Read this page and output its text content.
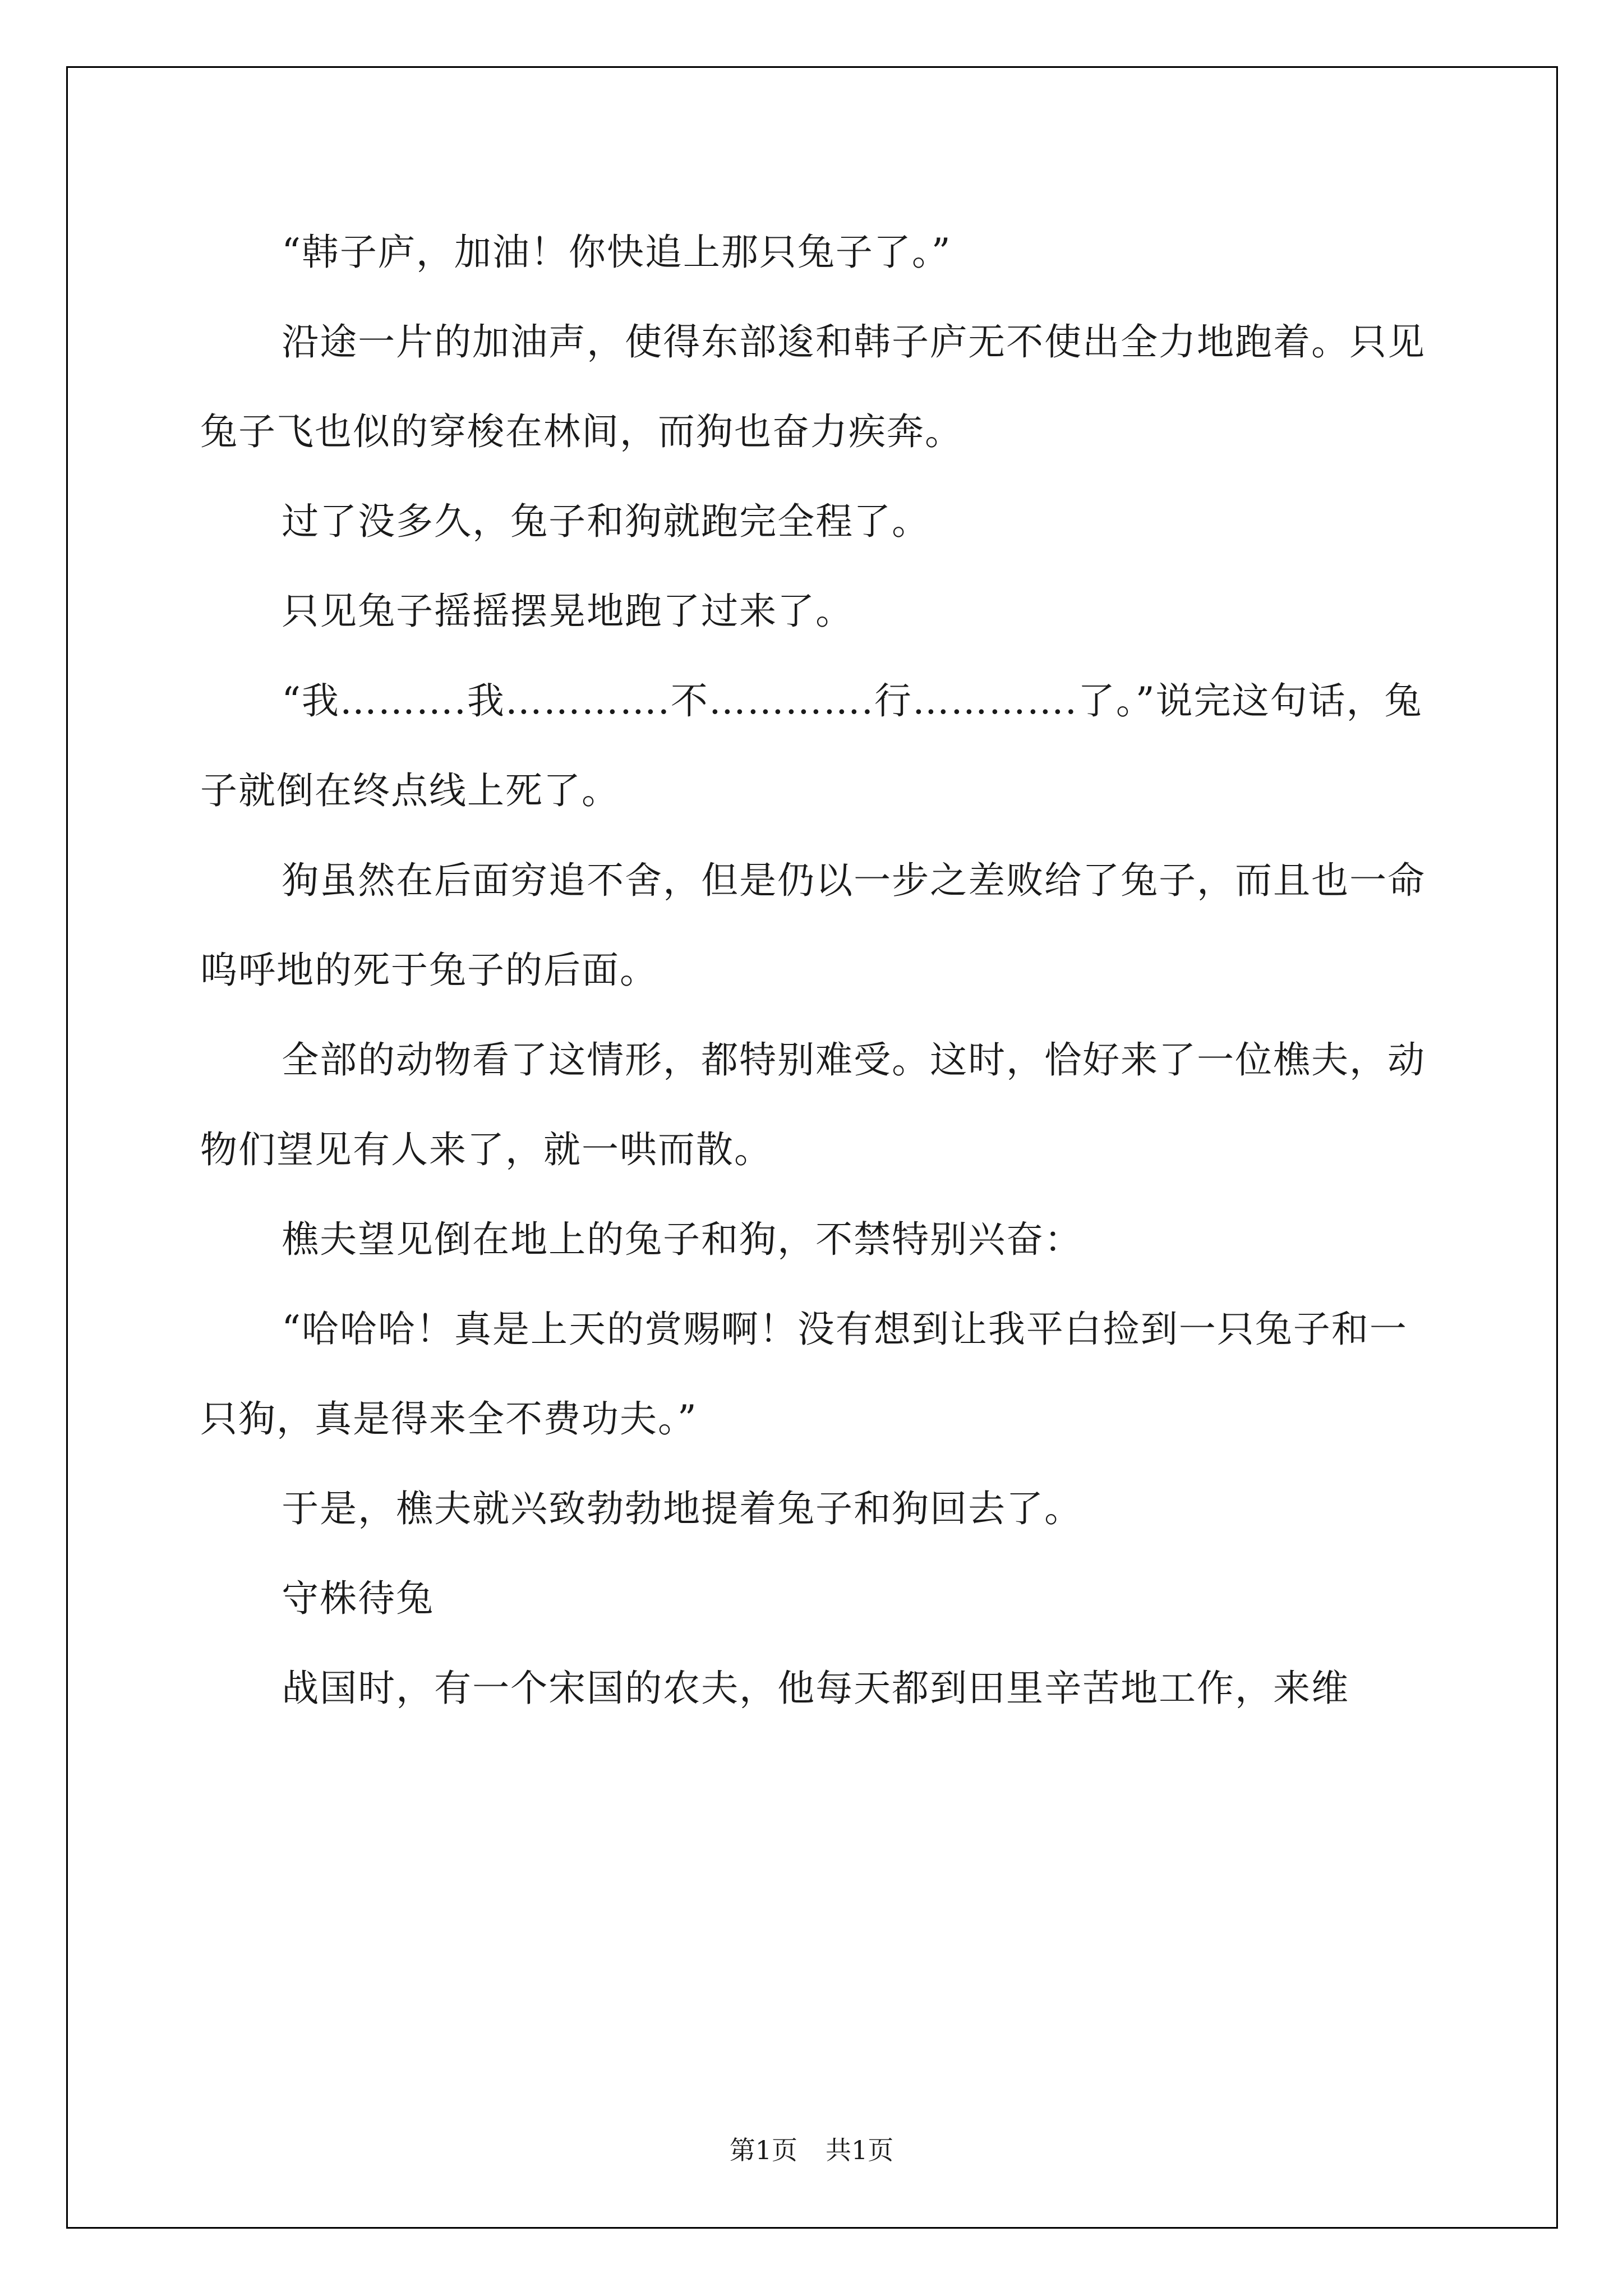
“韩子庐，加油！你快追上那只兔子了。”

沿途一片的加油声，使得东部逡和韩子庐无不使出全力地跑着。只见兔子飞也似的穿梭在林间，而狗也奋力疾奔。

过了没多久，兔子和狗就跑完全程了。

只见兔子摇摇摆晃地跑了过来了。

“我……….我………….不………….行………….了。”说完这句话，兔子就倒在终点线上死了。

狗虽然在后面穷追不舍，但是仍以一步之差败给了兔子，而且也一命呜呼地的死于兔子的后面。

全部的动物看了这情形，都特别难受。这时，恰好来了一位樵夫，动物们望见有人来了，就一哄而散。

樵夫望见倒在地上的兔子和狗，不禁特别兴奋：

“哈哈哈！真是上天的赏赐啊！没有想到让我平白捡到一只兔子和一只狗，真是得来全不费功夫。”

于是，樵夫就兴致勃勃地提着兔子和狗回去了。

守株待兔

战国时，有一个宋国的农夫，他每天都到田里辛苦地工作，来维

第1页 共1页
